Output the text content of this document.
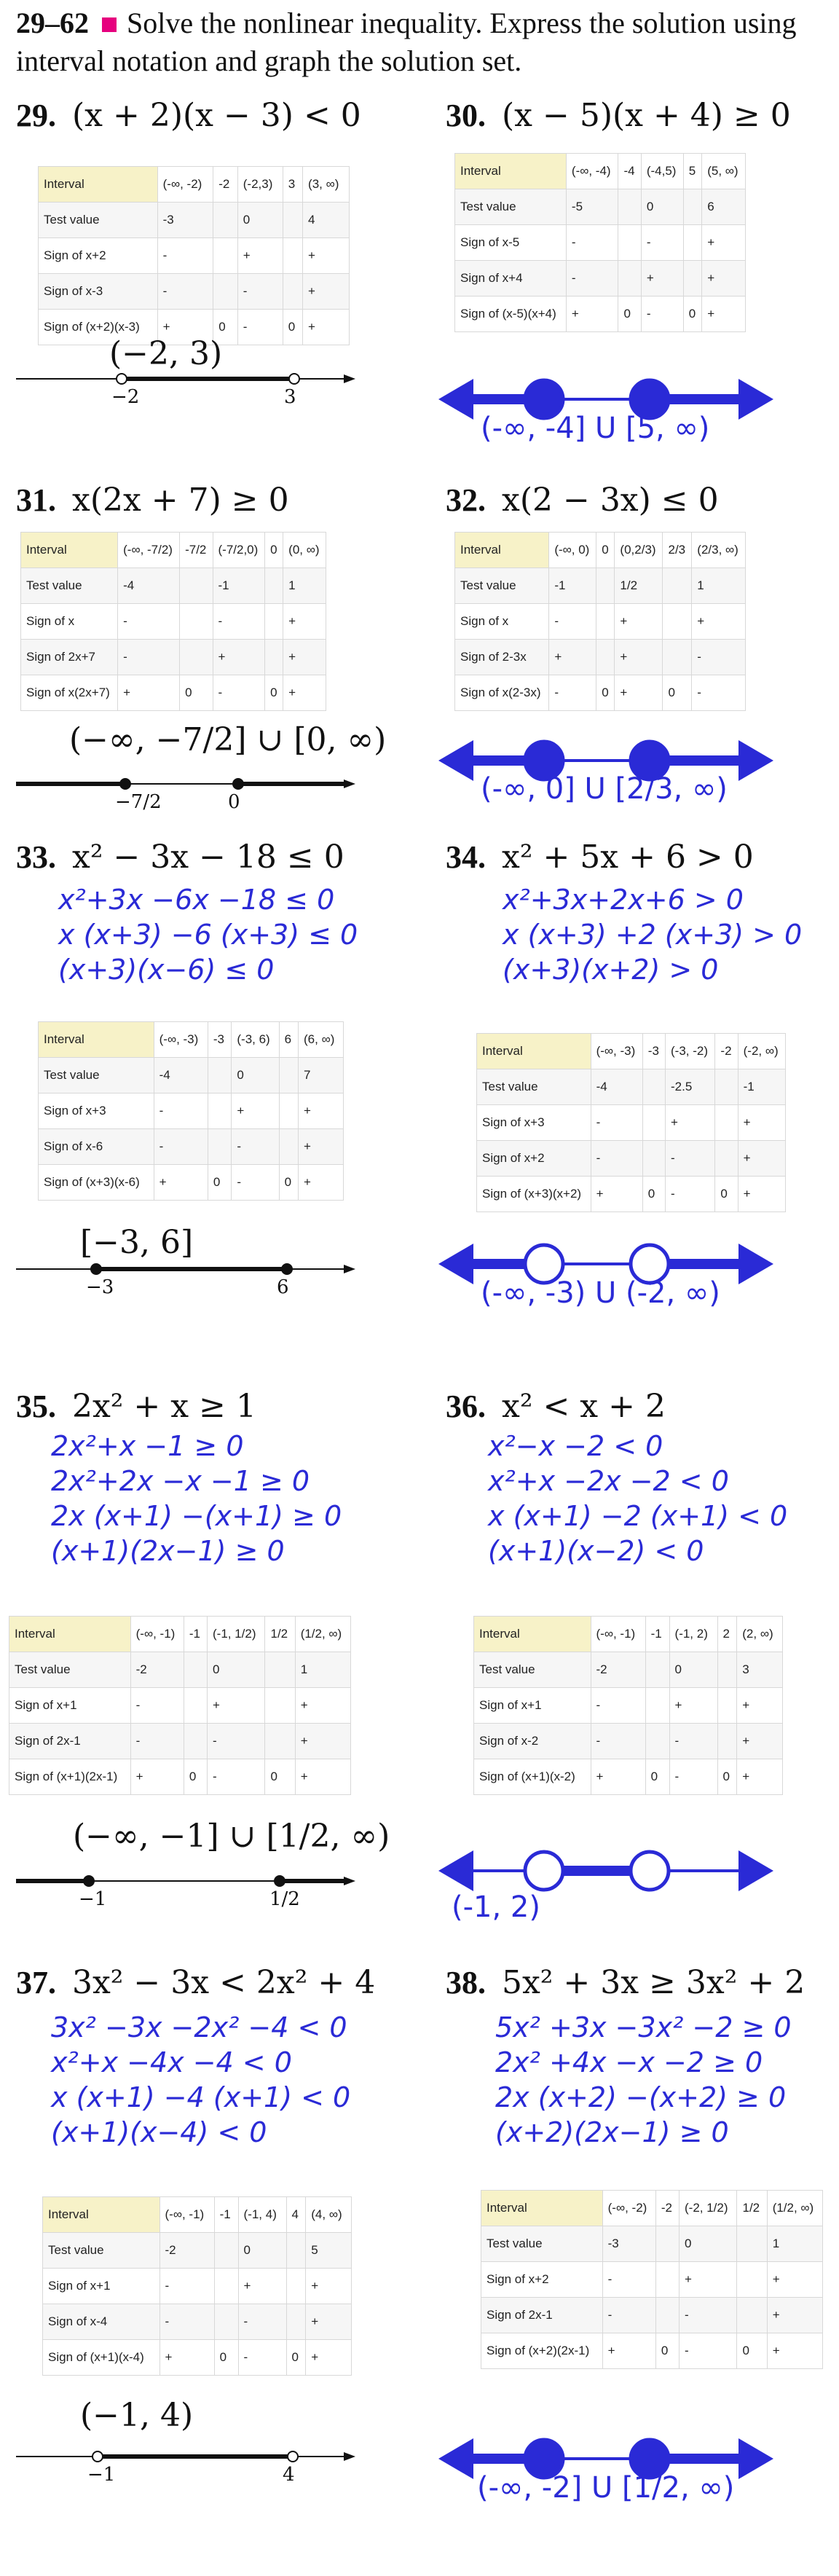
29–62 Solve the nonlinear inequality. Express the solution using interval notation and graph the solution set.
29. (x + 2)(x − 3) < 0
Interval	(-∞, -2)	-2	(-2,3)	3	(3, ∞)
Test value	-3		0		4
Sign of x+2	-		+		+
Sign of x-3	-		-		+
Sign of (x+2)(x-3)	+	0	-	0	+
(−2, 3)
−2	3
30. (x − 5)(x + 4) ≥ 0
Interval	(-∞, -4)	-4	(-4,5)	5	(5, ∞)
Test value	-5		0		6
Sign of x-5	-		-		+
Sign of x+4	-		+		+
Sign of (x-5)(x+4)	+	0	-	0	+
(-∞, -4] U [5, ∞)
31. x(2x + 7) ≥ 0
Interval	(-∞, -7/2)	-7/2	(-7/2,0)	0	(0, ∞)
Test value	-4		-1		1
Sign of x	-		-		+
Sign of 2x+7	-		+		+
Sign of x(2x+7)	+	0	-	0	+
(−∞, −7/2] ∪ [0, ∞)
−7/2	0
32. x(2 − 3x) ≤ 0
Interval	(-∞, 0)	0	(0,2/3)	2/3	(2/3, ∞)
Test value	-1		1/2		1
Sign of x	-		+		+
Sign of 2-3x	+		+		-
Sign of x(2-3x)	-	0	+	0	-
(-∞, 0] U [2/3, ∞)
33. x² − 3x − 18 ≤ 0
x²+3x −6x −18 ≤ 0
x (x+3) −6 (x+3) ≤ 0
(x+3)(x−6) ≤ 0
Interval	(-∞, -3)	-3	(-3, 6)	6	(6, ∞)
Test value	-4		0		7
Sign of x+3	-		+		+
Sign of x-6	-		-		+
Sign of (x+3)(x-6)	+	0	-	0	+
[−3, 6]
−3	6
34. x² + 5x + 6 > 0
x²+3x+2x+6 > 0
x (x+3) +2 (x+3) > 0
(x+3)(x+2) > 0
Interval	(-∞, -3)	-3	(-3, -2)	-2	(-2, ∞)
Test value	-4		-2.5		-1
Sign of x+3	-		+		+
Sign of x+2	-		-		+
Sign of (x+3)(x+2)	+	0	-	0	+
(-∞, -3) U (-2, ∞)
35. 2x² + x ≥ 1
2x²+x −1 ≥ 0
2x²+2x −x −1 ≥ 0
2x (x+1) −(x+1) ≥ 0
(x+1)(2x−1) ≥ 0
Interval	(-∞, -1)	-1	(-1, 1/2)	1/2	(1/2, ∞)
Test value	-2		0		1
Sign of x+1	-		+		+
Sign of 2x-1	-		-		+
Sign of (x+1)(2x-1)	+	0	-	0	+
(−∞, −1] ∪ [1/2, ∞)
−1	1/2
36. x² < x + 2
x²−x −2 < 0
x²+x −2x −2 < 0
x (x+1) −2 (x+1) < 0
(x+1)(x−2) < 0
Interval	(-∞, -1)	-1	(-1, 2)	2	(2, ∞)
Test value	-2		0		3
Sign of x+1	-		+		+
Sign of x-2	-		-		+
Sign of (x+1)(x-2)	+	0	-	0	+
(-1, 2)
37. 3x² − 3x < 2x² + 4
3x² −3x −2x² −4 < 0
x²+x −4x −4 < 0
x (x+1) −4 (x+1) < 0
(x+1)(x−4) < 0
Interval	(-∞, -1)	-1	(-1, 4)	4	(4, ∞)
Test value	-2		0		5
Sign of x+1	-		+		+
Sign of x-4	-		-		+
Sign of (x+1)(x-4)	+	0	-	0	+
(−1, 4)
−1	4
38. 5x² + 3x ≥ 3x² + 2
5x² +3x −3x² −2 ≥ 0
2x² +4x −x −2 ≥ 0
2x (x+2) −(x+2) ≥ 0
(x+2)(2x−1) ≥ 0
Interval	(-∞, -2)	-2	(-2, 1/2)	1/2	(1/2, ∞)
Test value	-3		0		1
Sign of x+2	-		+		+
Sign of 2x-1	-		-		+
Sign of (x+2)(2x-1)	+	0	-	0	+
(-∞, -2] U [1/2, ∞)
